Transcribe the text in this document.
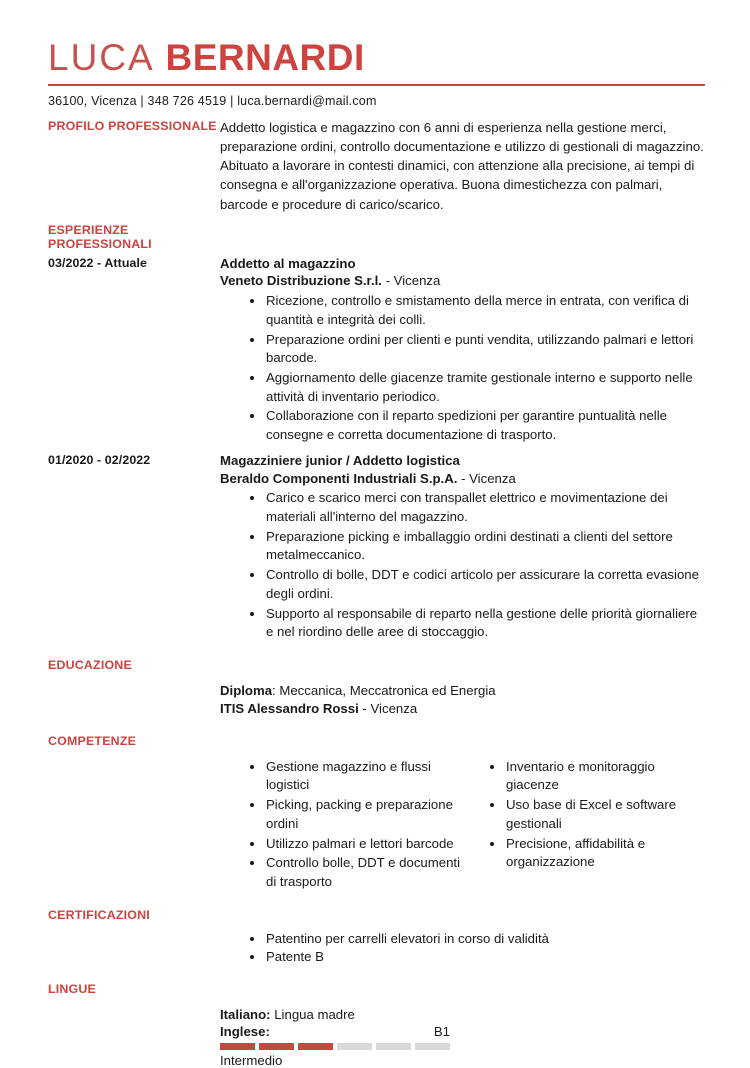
LUCA BERNARDI
36100, Vicenza | 348 726 4519 | luca.bernardi@mail.com
PROFILO PROFESSIONALE Addetto logistica e magazzino con 6 anni di esperienza nella gestione merci, preparazione ordini, controllo documentazione e utilizzo di gestionali di magazzino. Abituato a lavorare in contesti dinamici, con attenzione alla precisione, ai tempi di consegna e all'organizzazione operativa. Buona dimestichezza con palmari, barcode e procedure di carico/scarico.
ESPERIENZE PROFESSIONALI
03/2022 - Attuale	Addetto al magazzino
Veneto Distribuzione S.r.l. - Vicenza
Ricezione, controllo e smistamento della merce in entrata, con verifica di quantità e integrità dei colli.
Preparazione ordini per clienti e punti vendita, utilizzando palmari e lettori barcode.
Aggiornamento delle giacenze tramite gestionale interno e supporto nelle attività di inventario periodico.
Collaborazione con il reparto spedizioni per garantire puntualità nelle consegne e corretta documentazione di trasporto.
01/2020 - 02/2022	Magazziniere junior / Addetto logistica
Beraldo Componenti Industriali S.p.A. - Vicenza
Carico e scarico merci con transpallet elettrico e movimentazione dei materiali all'interno del magazzino.
Preparazione picking e imballaggio ordini destinati a clienti del settore metalmeccanico.
Controllo di bolle, DDT e codici articolo per assicurare la corretta evasione degli ordini.
Supporto al responsabile di reparto nella gestione delle priorità giornaliere e nel riordino delle aree di stoccaggio.
EDUCAZIONE
Diploma: Meccanica, Meccatronica ed Energia
ITIS Alessandro Rossi - Vicenza
COMPETENZE
Gestione magazzino e flussi logistici
Picking, packing e preparazione ordini
Utilizzo palmari e lettori barcode
Controllo bolle, DDT e documenti di trasporto
Inventario e monitoraggio giacenze
Uso base di Excel e software gestionali
Precisione, affidabilità e organizzazione
CERTIFICAZIONI
Patentino per carrelli elevatori in corso di validità
Patente B
LINGUE
Italiano: Lingua madre
Inglese:	B1
Intermedio
